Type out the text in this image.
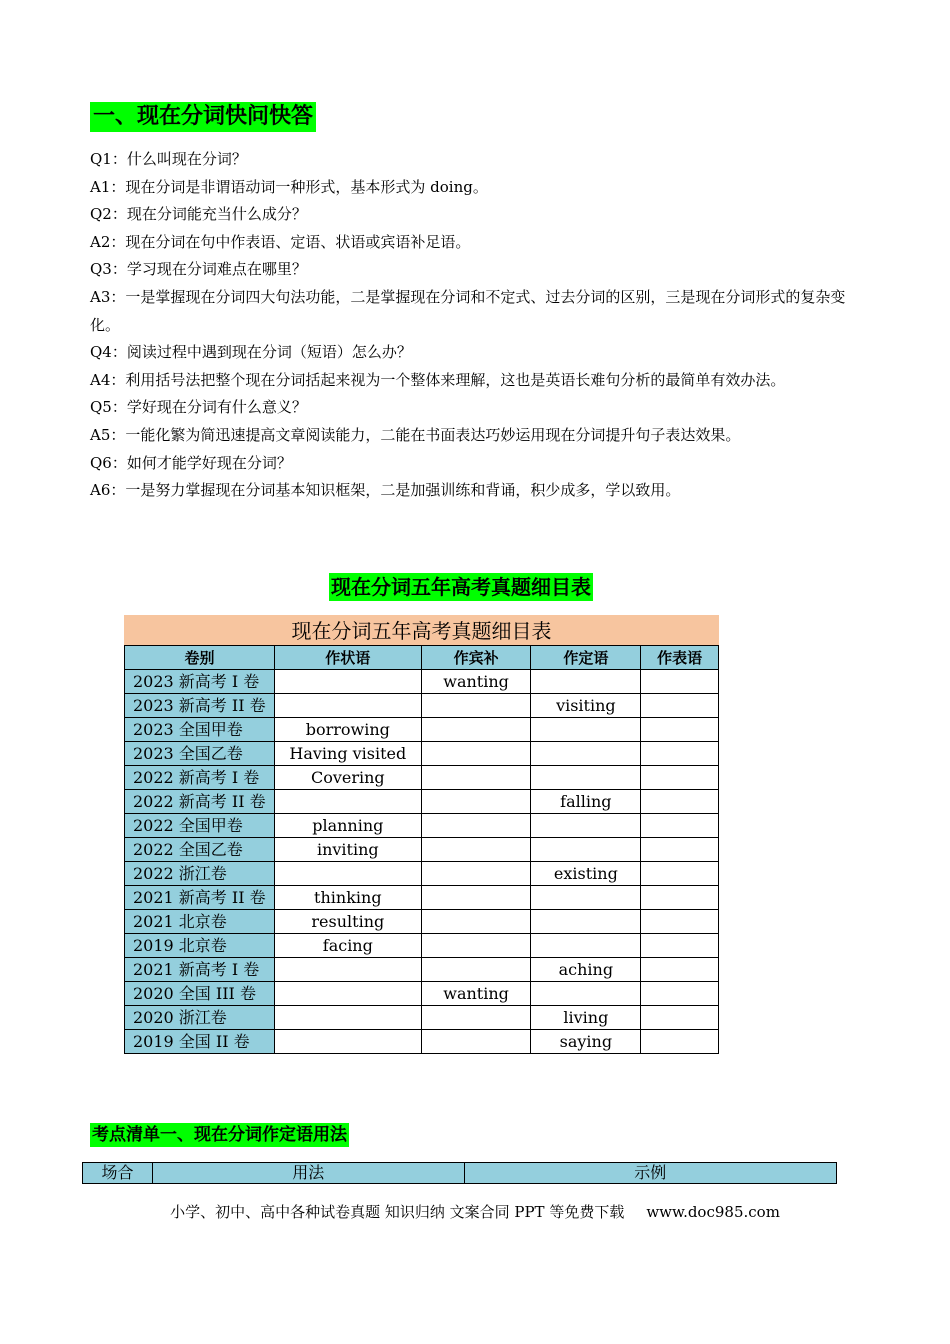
一、现在分词快问快答
Q1：什么叫现在分词？
A1：现在分词是非谓语动词一种形式，基本形式为 doing。
Q2：现在分词能充当什么成分？
A2：现在分词在句中作表语、定语、状语或宾语补足语。
Q3：学习现在分词难点在哪里？
A3：一是掌握现在分词四大句法功能，二是掌握现在分词和不定式、过去分词的区别，三是现在分词形式的复杂变化。
Q4：阅读过程中遇到现在分词（短语）怎么办？
A4：利用括号法把整个现在分词括起来视为一个整体来理解，这也是英语长难句分析的最简单有效办法。
Q5：学好现在分词有什么意义？
A5：一能化繁为简迅速提高文章阅读能力，二能在书面表达巧妙运用现在分词提升句子表达效果。
Q6：如何才能学好现在分词？
A6：一是努力掌握现在分词基本知识框架，二是加强训练和背诵，积少成多，学以致用。
现在分词五年高考真题细目表
现在分词五年高考真题细目表				
卷别	作状语	作宾补	作定语	作表语
2023 新高考 I 卷		wanting		
2023 新高考 II 卷			visiting	
2023 全国甲卷	borrowing			
2023 全国乙卷	Having visited			
2022 新高考 I 卷	Covering			
2022 新高考 II 卷			falling	
2022 全国甲卷	planning			
2022 全国乙卷	inviting			
2022 浙江卷			existing	
2021 新高考 II 卷	thinking			
2021 北京卷	resulting			
2019 北京卷	facing			
2021 新高考 I 卷			aching	
2020 全国 III 卷		wanting		
2020 浙江卷			living	
2019 全国 II 卷			saying	
考点清单一、现在分词作定语用法
场合	用法	示例
小学、初中、高中各种试卷真题 知识归纳 文案合同 PPT 等免费下载 www.doc985.com
